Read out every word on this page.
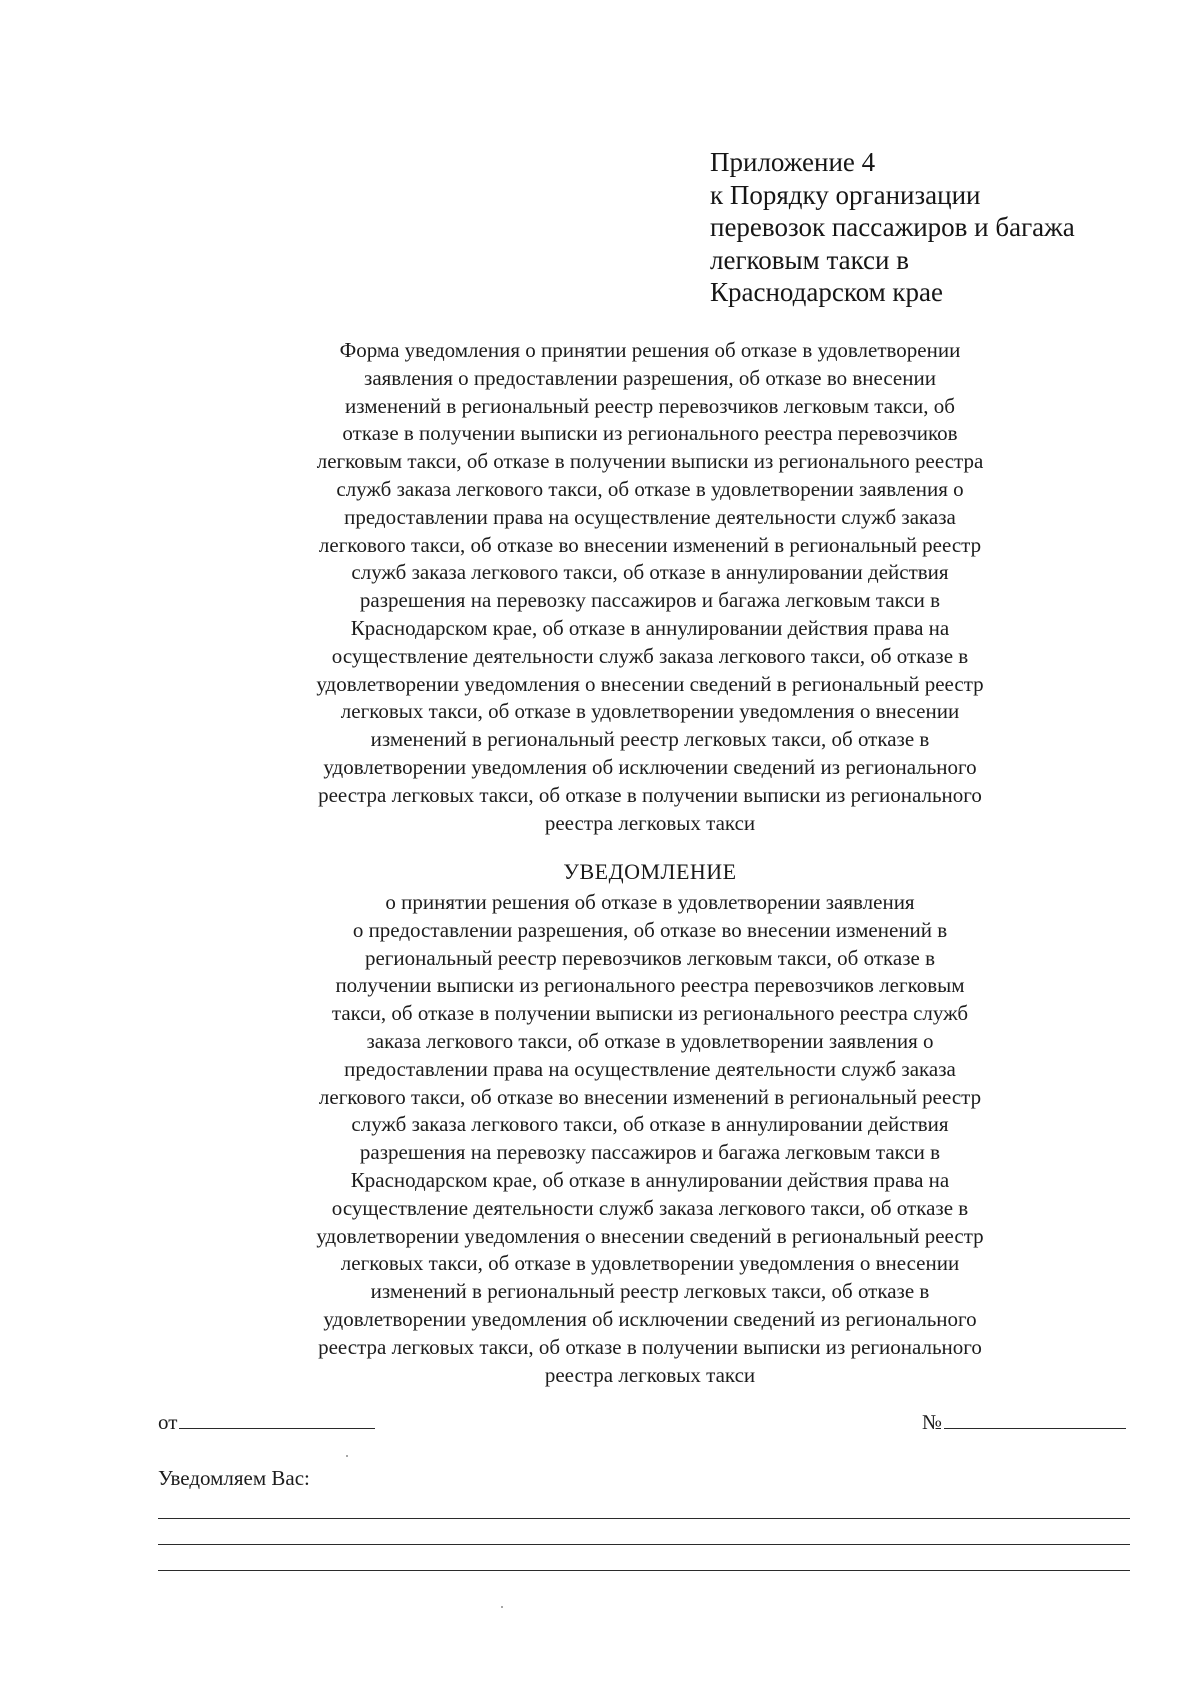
Приложение 4
к Порядку организации
перевозок пассажиров и багажа
легковым такси в
Краснодарском крае
Форма уведомления о принятии решения об отказе в удовлетворении
заявления о предоставлении разрешения, об отказе во внесении
изменений в региональный реестр перевозчиков легковым такси, об
отказе в получении выписки из регионального реестра перевозчиков
легковым такси, об отказе в получении выписки из регионального реестра
служб заказа легкового такси, об отказе в удовлетворении заявления о
предоставлении права на осуществление деятельности служб заказа
легкового такси, об отказе во внесении изменений в региональный реестр
служб заказа легкового такси, об отказе в аннулировании действия
разрешения на перевозку пассажиров и багажа легковым такси в
Краснодарском крае, об отказе в аннулировании действия права на
осуществление деятельности служб заказа легкового такси, об отказе в
удовлетворении уведомления о внесении сведений в региональный реестр
легковых такси, об отказе в удовлетворении уведомления о внесении
изменений в региональный реестр легковых такси, об отказе в
удовлетворении уведомления об исключении сведений из регионального
реестра легковых такси, об отказе в получении выписки из регионального
реестра легковых такси
УВЕДОМЛЕНИЕ
о принятии решения об отказе в удовлетворении заявления
о предоставлении разрешения, об отказе во внесении изменений в
региональный реестр перевозчиков легковым такси, об отказе в
получении выписки из регионального реестра перевозчиков легковым
такси, об отказе в получении выписки из регионального реестра служб
заказа легкового такси, об отказе в удовлетворении заявления о
предоставлении права на осуществление деятельности служб заказа
легкового такси, об отказе во внесении изменений в региональный реестр
служб заказа легкового такси, об отказе в аннулировании действия
разрешения на перевозку пассажиров и багажа легковым такси в
Краснодарском крае, об отказе в аннулировании действия права на
осуществление деятельности служб заказа легкового такси, об отказе в
удовлетворении уведомления о внесении сведений в региональный реестр
легковых такси, об отказе в удовлетворении уведомления о внесении
изменений в региональный реестр легковых такси, об отказе в
удовлетворении уведомления об исключении сведений из регионального
реестра легковых такси, об отказе в получении выписки из регионального
реестра легковых такси
от	№
Уведомляем Вас:
